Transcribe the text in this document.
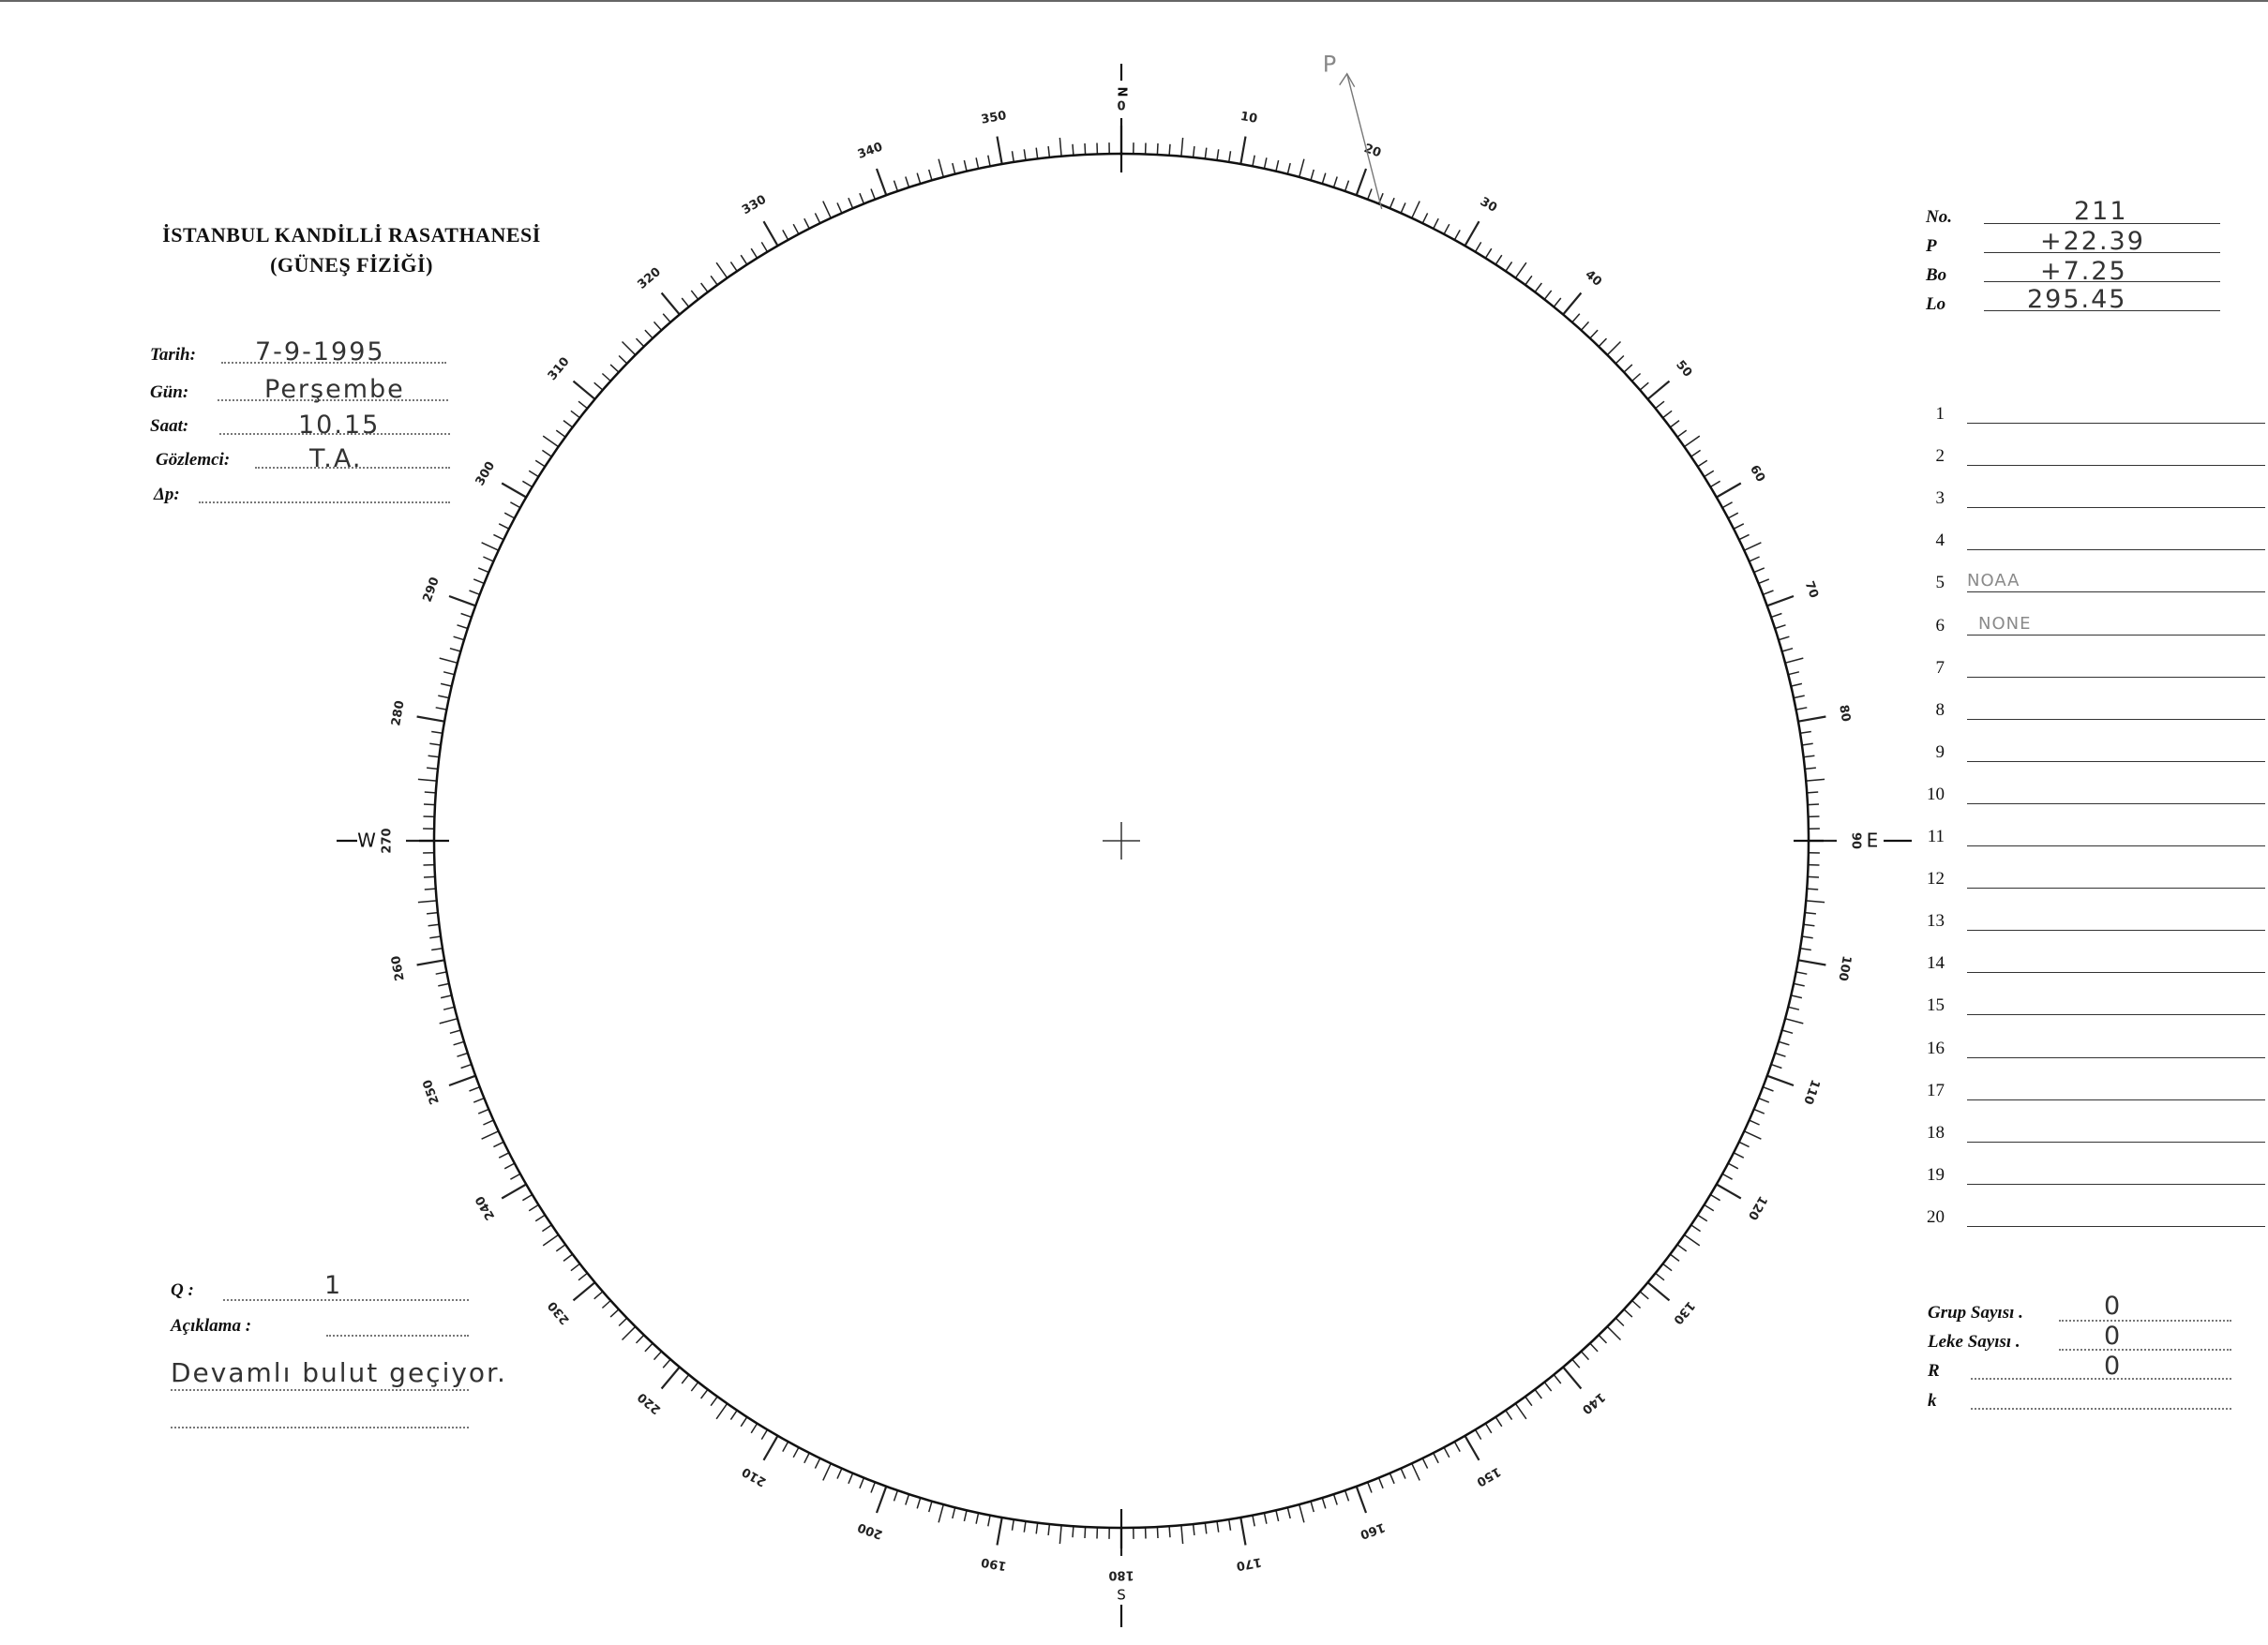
İSTANBUL KANDİLLİ RASATHANESİ
(GÜNEŞ FİZİĞİ)
Tarih: 7-9-1995
Gün:	Perşembe
Saat:	10.15
Gözlemci:	T.A.
Δp:
No.	211
P	+22.39
Bo	+7.25
Lo	295.45
1
2
3
4
5 NOAA
6 NONE
7
8
9
10
11
12
13
14
15
16
17
18
19
20
Grup Sayısı .	0
Leke Sayısı .	0
R	0
k
Q :	1
Açıklama :
Devamlı bulut geçiyor.
0
10
20
30
40
50
60
70
80
90
100
110
120
130
140
150
160
170
180
190
200
210
220
230
240
250
260
270
280
290
300
310
320
330
340
350
N
S
W	E
P
